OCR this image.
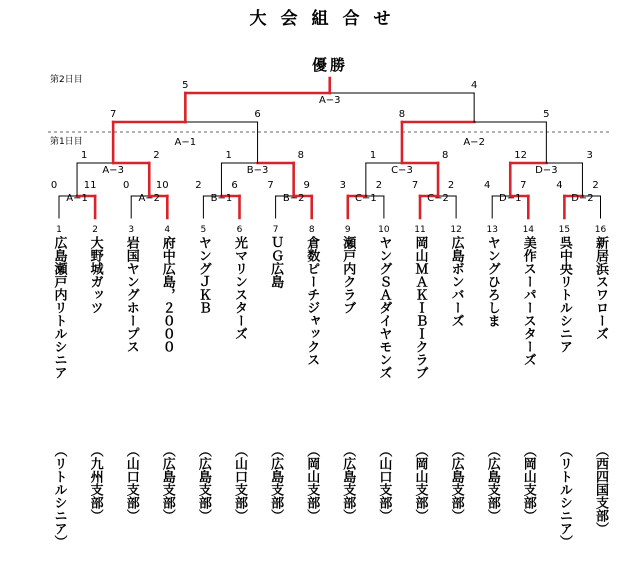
大会組合せ
優勝
第2日目
第1日目
A−1
0	11
A−2
0	10
B−1
2	6
B−2
7	9
C−1
3	2
C−2
7	2
D−1
4	7
D−2
4	2
A−3
1	2
B−3
1	8
C−3
1	8
D−3
12	3
A−1
7	6
A−2
8	5
A−3
5	4
1
広島瀬戸内リトルシニア
（リトルシニア）
2
大野城ガッツ
（九州支部）
3
岩国ヤングホープス
（山口支部）
4
府中広島，２０００
（広島支部）
5
ヤングＪＫＢ
（広島支部）
6
光マリンスターズ
（山口支部）
7
ＵＧ広島
（広島支部）
8
倉数ピーチジャックス
（岡山支部）
9
瀬戸内クラブ
（広島支部）
10
ヤングＳＡダイヤモンズ
（山口支部）
11
岡山ＭＡＫＩＢＩクラブ
（岡山支部）
12
広島ボンバーズ
（広島支部）
13
ヤングひろしま
（広島支部）
14
美作スーパースターズ
（岡山支部）
15
呉中央リトルシニア
（リトルシニア）
16
新居浜スワローズ
（西四国支部）
